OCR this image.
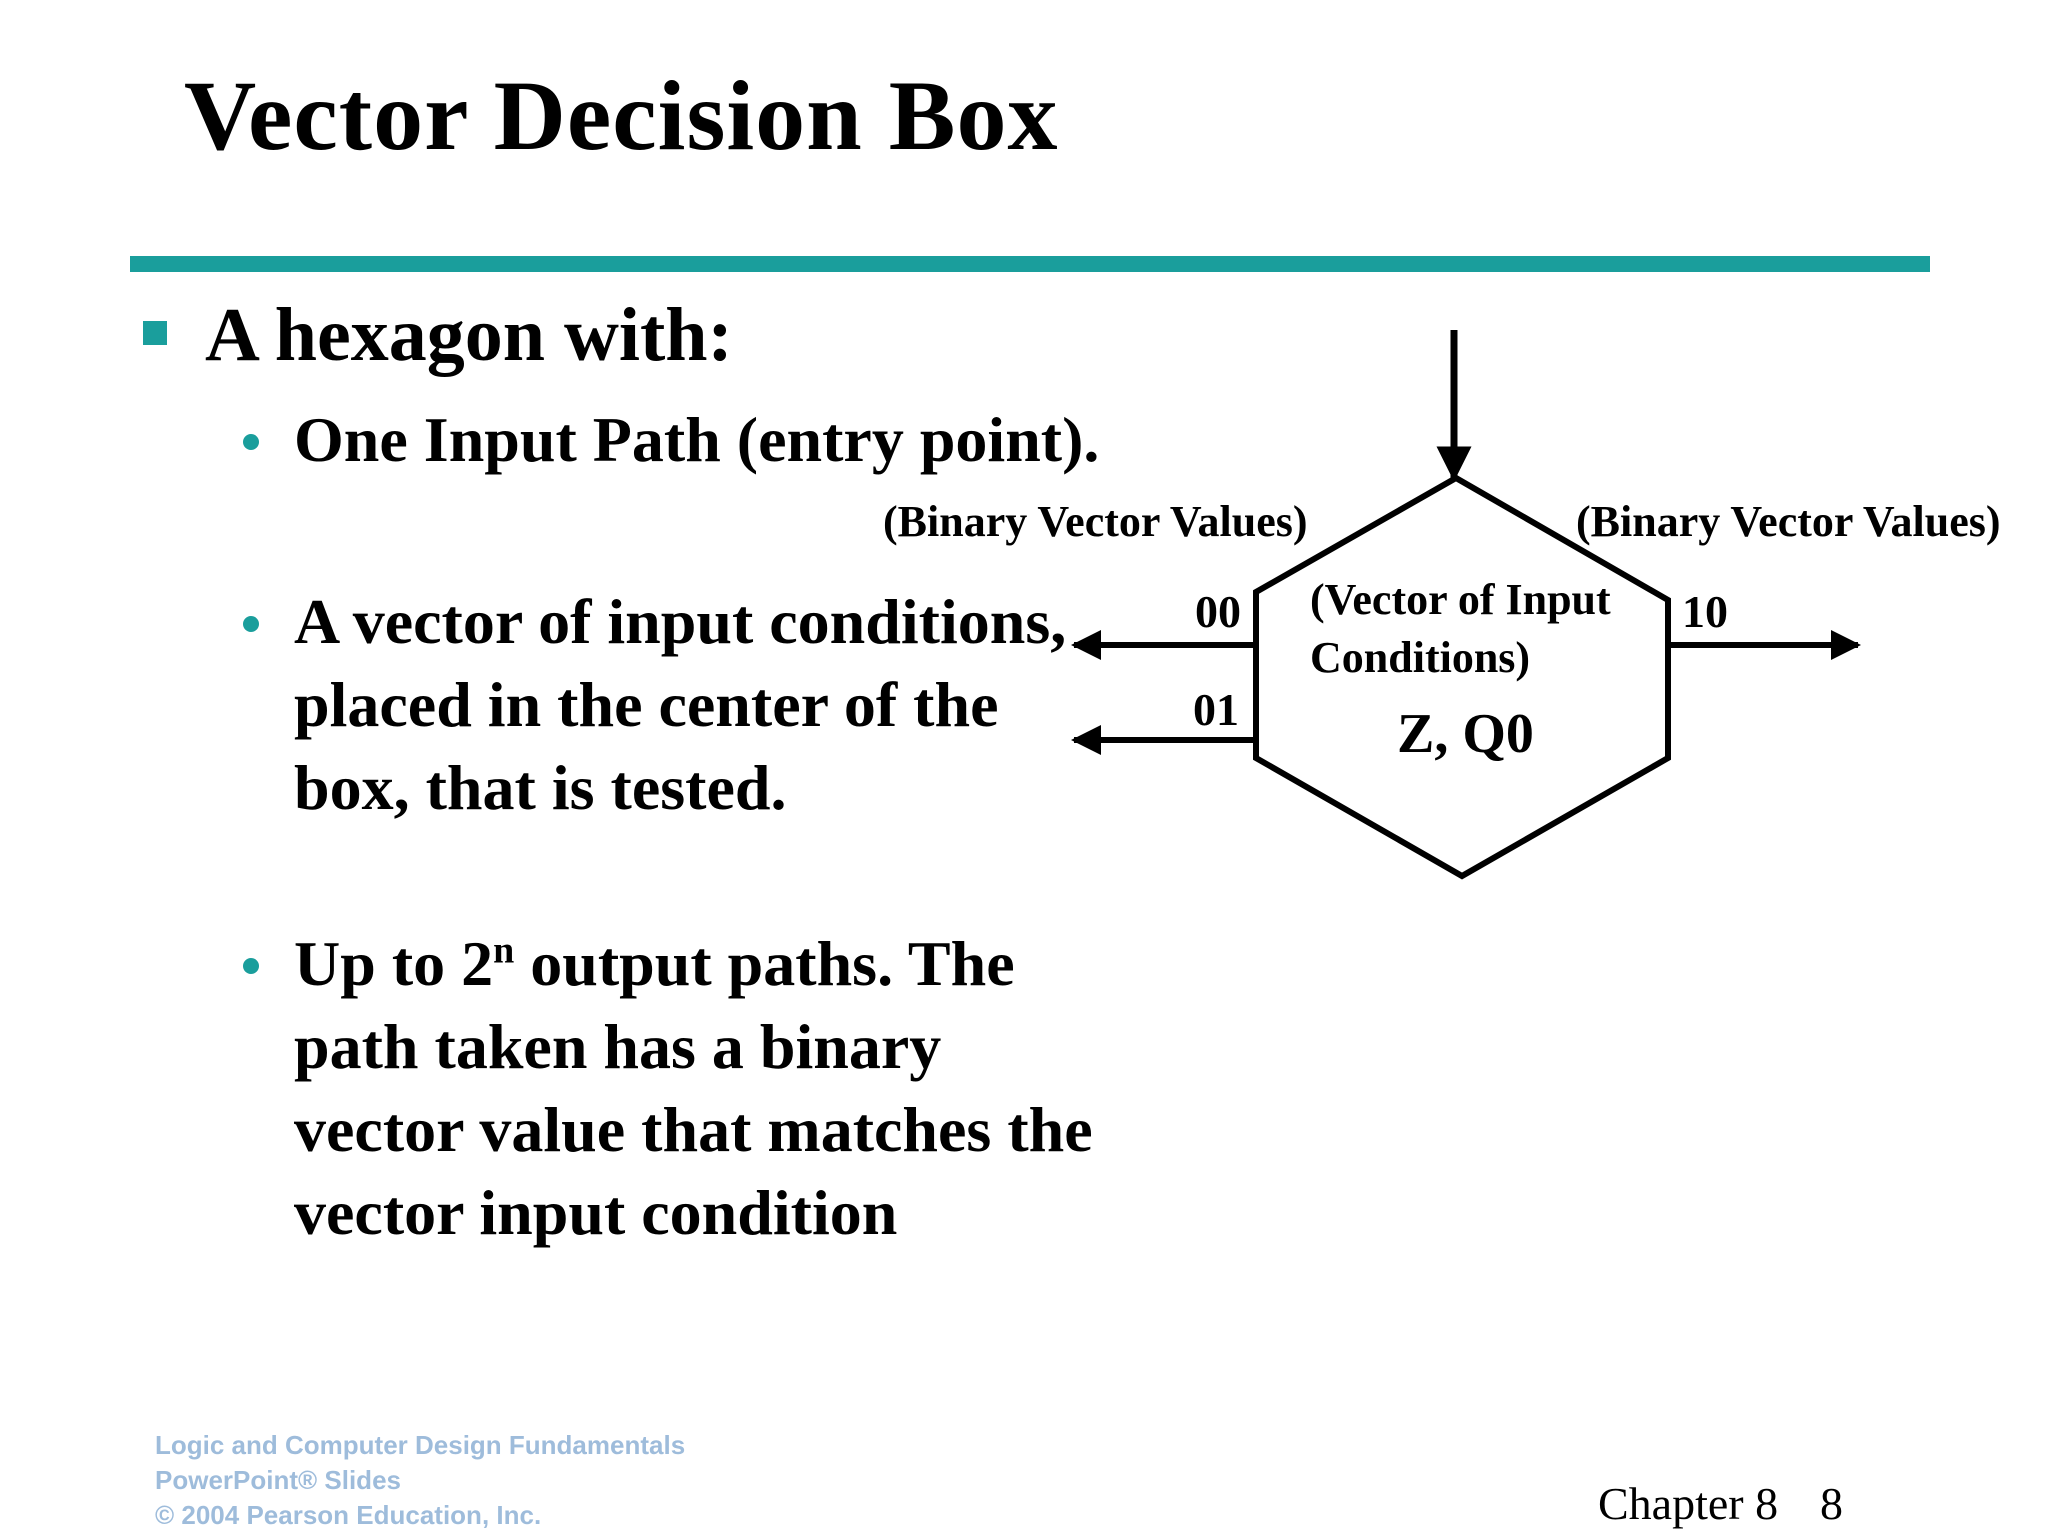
Vector Decision Box
A hexagon with:
One Input Path (entry point).
A vector of input conditions, placed in the center of the box, that is tested.
Up to 2$^n$ output paths. The path taken has a binary vector value that matches the vector input condition
(Binary Vector Values)	(Binary Vector Values)
(Vector of Input
Conditions)
Z, Q0
00
01
10
Logic and Computer Design Fundamentals
PowerPoint® Slides
© 2004 Pearson Education, Inc.	Chapter 8 8
